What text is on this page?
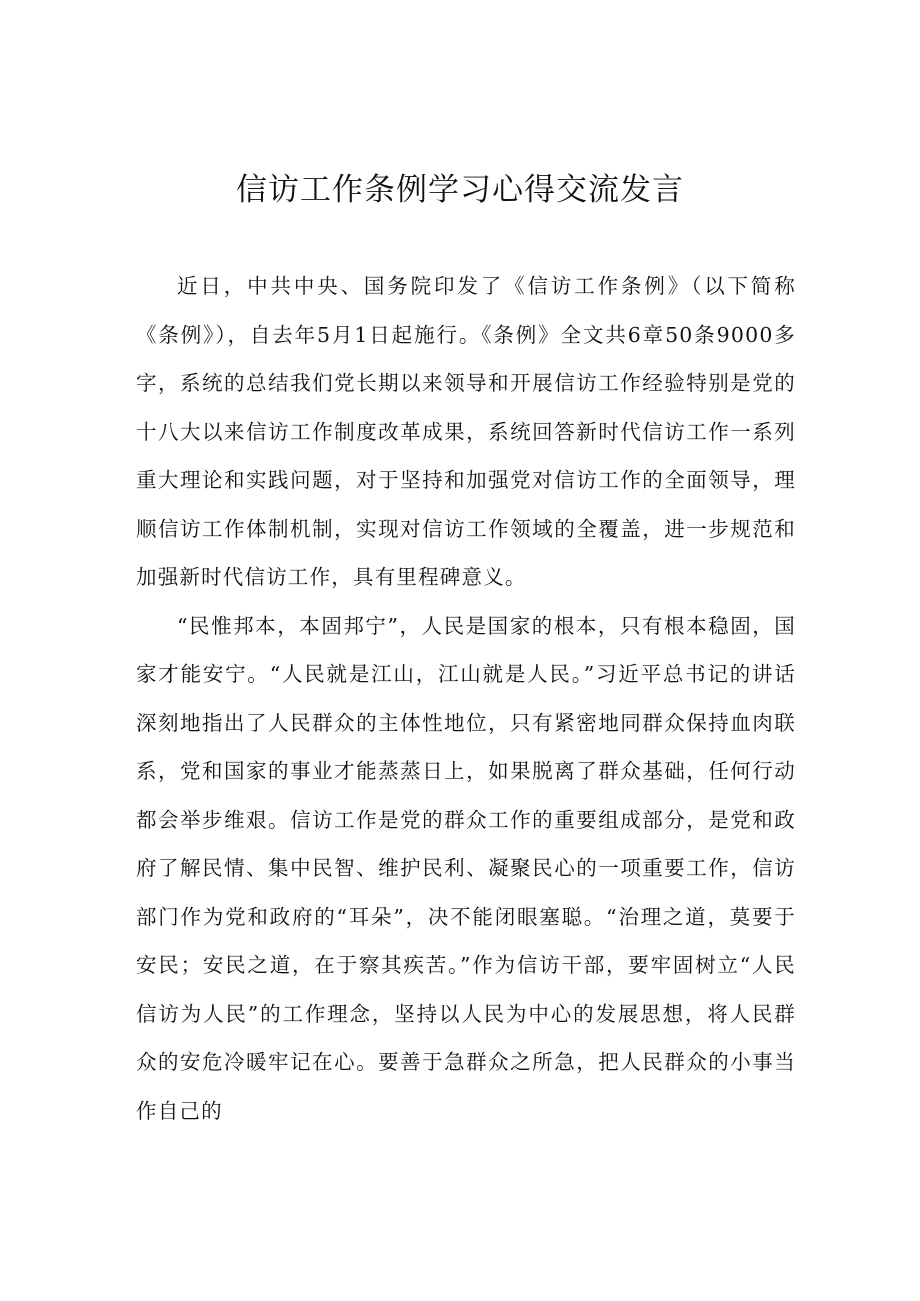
信访工作条例学习心得交流发言

近日，中共中央、国务院印发了《信访工作条例》（以下简称《条例》），自去年5月1日起施行。《条例》全文共6章50条9000多字，系统的总结我们党长期以来领导和开展信访工作经验特别是党的十八大以来信访工作制度改革成果，系统回答新时代信访工作一系列重大理论和实践问题，对于坚持和加强党对信访工作的全面领导，理顺信访工作体制机制，实现对信访工作领域的全覆盖，进一步规范和加强新时代信访工作，具有里程碑意义。

“民惟邦本，本固邦宁”，人民是国家的根本，只有根本稳固，国家才能安宁。“人民就是江山，江山就是人民。”习近平总书记的讲话深刻地指出了人民群众的主体性地位，只有紧密地同群众保持血肉联系，党和国家的事业才能蒸蒸日上，如果脱离了群众基础，任何行动都会举步维艰。信访工作是党的群众工作的重要组成部分，是党和政府了解民情、集中民智、维护民利、凝聚民心的一项重要工作，信访部门作为党和政府的“耳朵”，决不能闭眼塞聪。“治理之道，莫要于安民；安民之道，在于察其疾苦。”作为信访干部，要牢固树立“人民信访为人民”的工作理念，坚持以人民为中心的发展思想，将人民群众的安危冷暖牢记在心。要善于急群众之所急，把人民群众的小事当作自己的
